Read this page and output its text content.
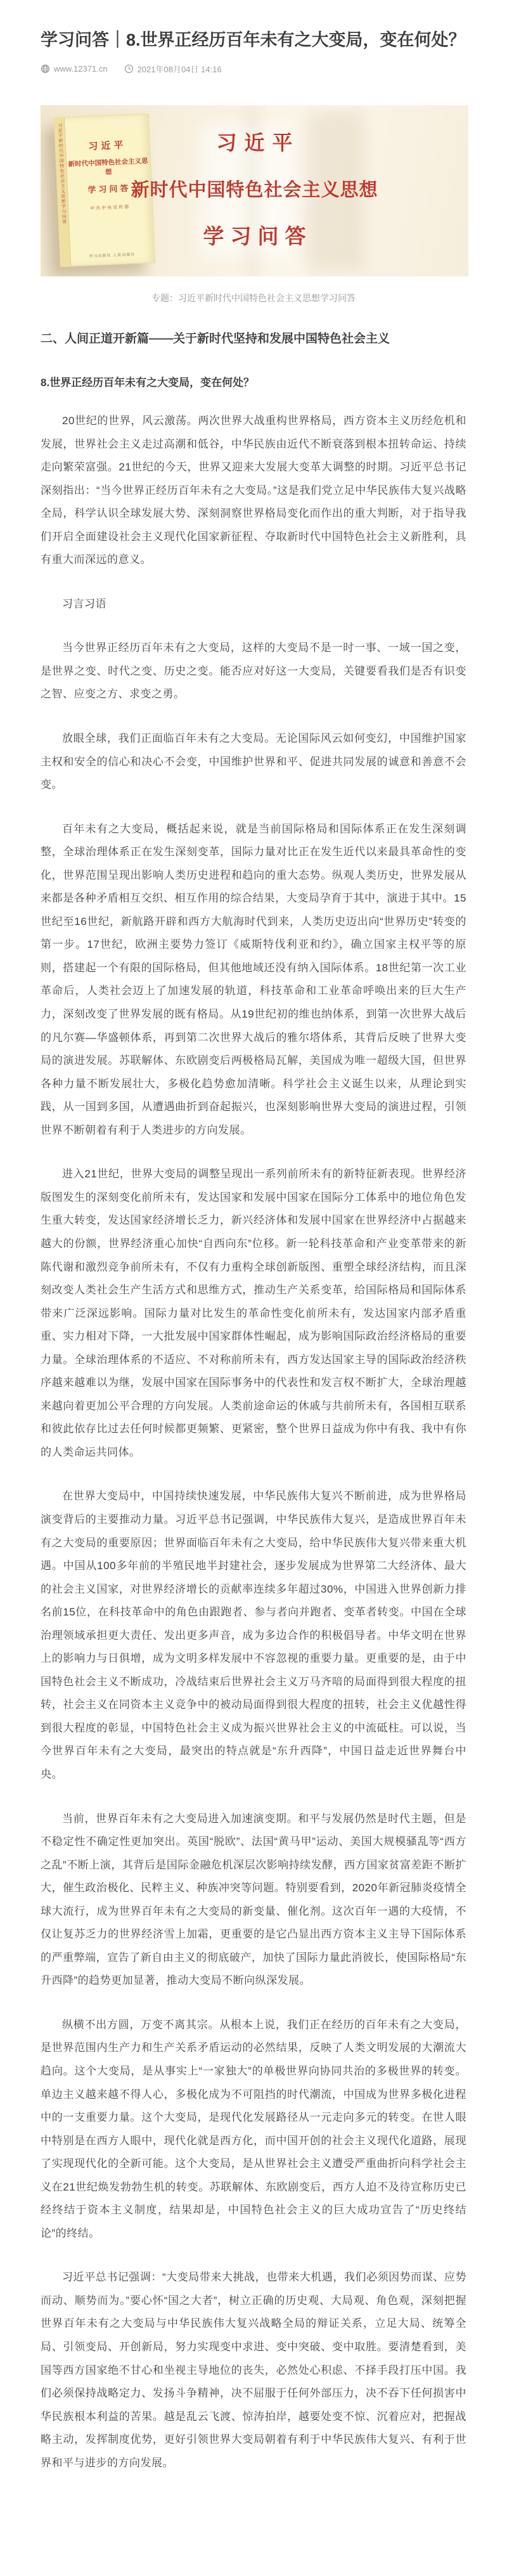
学习问答｜8.世界正经历百年未有之大变局，变在何处？
www.12371.cn	2021年08月04日 14:16
习近平新时代中国特色社会主义思想学习问答	习近平
新时代中国特色社会主义思想
学习问答
中共中央宣传部
学习出版社 人民出版社
习近平
新时代中国特色社会主义思想
学习问答
专题：习近平新时代中国特色社会主义思想学习问答
二、人间正道开新篇——关于新时代坚持和发展中国特色社会主义
8.世界正经历百年未有之大变局，变在何处？

20世纪的世界，风云激荡。两次世界大战重构世界格局，西方资本主义历经危机和发展，世界社会主义走过高潮和低谷，中华民族由近代不断衰落到根本扭转命运、持续走向繁荣富强。21世纪的今天，世界又迎来大发展大变革大调整的时期。习近平总书记深刻指出：“当今世界正经历百年未有之大变局。”这是我们党立足中华民族伟大复兴战略全局，科学认识全球发展大势、深刻洞察世界格局变化而作出的重大判断，对于指导我们开启全面建设社会主义现代化国家新征程、夺取新时代中国特色社会主义新胜利，具有重大而深远的意义。

习言习语

当今世界正经历百年未有之大变局，这样的大变局不是一时一事、一域一国之变，是世界之变、时代之变、历史之变。能否应对好这一大变局，关键要看我们是否有识变之智、应变之方、求变之勇。

放眼全球，我们正面临百年未有之大变局。无论国际风云如何变幻，中国维护国家主权和安全的信心和决心不会变，中国维护世界和平、促进共同发展的诚意和善意不会变。

百年未有之大变局，概括起来说，就是当前国际格局和国际体系正在发生深刻调整，全球治理体系正在发生深刻变革，国际力量对比正在发生近代以来最具革命性的变化，世界范围呈现出影响人类历史进程和趋向的重大态势。纵观人类历史，世界发展从来都是各种矛盾相互交织、相互作用的综合结果，大变局孕育于其中，演进于其中。15世纪至16世纪，新航路开辟和西方大航海时代到来，人类历史迈出向“世界历史”转变的第一步。17世纪，欧洲主要势力签订《威斯特伐利亚和约》，确立国家主权平等的原则，搭建起一个有限的国际格局，但其他地域还没有纳入国际体系。18世纪第一次工业革命后，人类社会迈上了加速发展的轨道，科技革命和工业革命呼唤出来的巨大生产力，深刻改变了世界发展的既有格局。从19世纪初的维也纳体系，到第一次世界大战后的凡尔赛—华盛顿体系，再到第二次世界大战后的雅尔塔体系，其背后反映了世界大变局的演进发展。苏联解体、东欧剧变后两极格局瓦解，美国成为唯一超级大国，但世界各种力量不断发展壮大，多极化趋势愈加清晰。科学社会主义诞生以来，从理论到实践，从一国到多国，从遭遇曲折到奋起振兴，也深刻影响世界大变局的演进过程，引领世界不断朝着有利于人类进步的方向发展。

进入21世纪，世界大变局的调整呈现出一系列前所未有的新特征新表现。世界经济版图发生的深刻变化前所未有，发达国家和发展中国家在国际分工体系中的地位角色发生重大转变，发达国家经济增长乏力，新兴经济体和发展中国家在世界经济中占据越来越大的份额，世界经济重心加快“自西向东”位移。新一轮科技革命和产业变革带来的新陈代谢和激烈竞争前所未有，不仅有力重构全球创新版图、重塑全球经济结构，而且深刻改变人类社会生产生活方式和思维方式，推动生产关系变革，给国际格局和国际体系带来广泛深远影响。国际力量对比发生的革命性变化前所未有，发达国家内部矛盾重重、实力相对下降，一大批发展中国家群体性崛起，成为影响国际政治经济格局的重要力量。全球治理体系的不适应、不对称前所未有，西方发达国家主导的国际政治经济秩序越来越难以为继，发展中国家在国际事务中的代表性和发言权不断扩大，全球治理越来越向着更加公平合理的方向发展。人类前途命运的休戚与共前所未有，各国相互联系和彼此依存比过去任何时候都更频繁、更紧密，整个世界日益成为你中有我、我中有你的人类命运共同体。

在世界大变局中，中国持续快速发展，中华民族伟大复兴不断前进，成为世界格局演变背后的主要推动力量。习近平总书记强调，中华民族伟大复兴，是造成世界百年未有之大变局的重要原因；世界面临百年未有之大变局，给中华民族伟大复兴带来重大机遇。中国从100多年前的半殖民地半封建社会，逐步发展成为世界第二大经济体、最大的社会主义国家，对世界经济增长的贡献率连续多年超过30%，中国进入世界创新力排名前15位，在科技革命中的角色由跟跑者、参与者向并跑者、变革者转变。中国在全球治理领域承担更大责任、发出更多声音，成为多边合作的积极倡导者。中华文明在世界上的影响力与日俱增，成为文明多样发展中不容忽视的重要力量。更重要的是，由于中国特色社会主义不断成功，冷战结束后世界社会主义万马齐喑的局面得到很大程度的扭转，社会主义在同资本主义竞争中的被动局面得到很大程度的扭转，社会主义优越性得到很大程度的彰显，中国特色社会主义成为振兴世界社会主义的中流砥柱。可以说，当今世界百年未有之大变局，最突出的特点就是“东升西降”，中国日益走近世界舞台中央。

当前，世界百年未有之大变局进入加速演变期。和平与发展仍然是时代主题，但是不稳定性不确定性更加突出。英国“脱欧”、法国“黄马甲”运动、美国大规模骚乱等“西方之乱”不断上演，其背后是国际金融危机深层次影响持续发酵，西方国家贫富差距不断扩大，催生政治极化、民粹主义、种族冲突等问题。特别要看到，2020年新冠肺炎疫情全球大流行，成为世界百年未有之大变局的新变量、催化剂。这次百年一遇的大疫情，不仅让复苏乏力的世界经济雪上加霜，更重要的是它凸显出西方资本主义主导下国际体系的严重弊端，宣告了新自由主义的彻底破产，加快了国际力量此消彼长，使国际格局“东升西降”的趋势更加显著，推动大变局不断向纵深发展。

纵横不出方圆，万变不离其宗。从根本上说，我们正在经历的百年未有之大变局，是世界范围内生产力和生产关系矛盾运动的必然结果，反映了人类文明发展的大潮流大趋向。这个大变局，是从事实上“一家独大”的单极世界向协同共治的多极世界的转变。单边主义越来越不得人心，多极化成为不可阻挡的时代潮流，中国成为世界多极化进程中的一支重要力量。这个大变局，是现代化发展路径从一元走向多元的转变。在世人眼中特别是在西方人眼中，现代化就是西方化，而中国开创的社会主义现代化道路，展现了实现现代化的全新可能。这个大变局，是从世界社会主义遭受严重曲折向科学社会主义在21世纪焕发勃勃生机的转变。苏联解体、东欧剧变后，西方人迫不及待宣称历史已经终结于资本主义制度，结果却是，中国特色社会主义的巨大成功宣告了“历史终结论”的终结。

习近平总书记强调：“大变局带来大挑战，也带来大机遇，我们必须因势而谋、应势而动、顺势而为。”要心怀“国之大者”，树立正确的历史观、大局观、角色观，深刻把握世界百年未有之大变局与中华民族伟大复兴战略全局的辩证关系，立足大局、统筹全局、引领变局、开创新局，努力实现变中求进、变中突破、变中取胜。要清楚看到，美国等西方国家绝不甘心和坐视主导地位的丧失，必然处心积虑、不择手段打压中国。我们必须保持战略定力、发扬斗争精神，决不屈服于任何外部压力，决不吞下任何损害中华民族根本利益的苦果。越是乱云飞渡、惊涛拍岸，越要处变不惊、沉着应对，把握战略主动，发挥制度优势，更好引领世界大变局朝着有利于中华民族伟大复兴、有利于世界和平与进步的方向发展。
